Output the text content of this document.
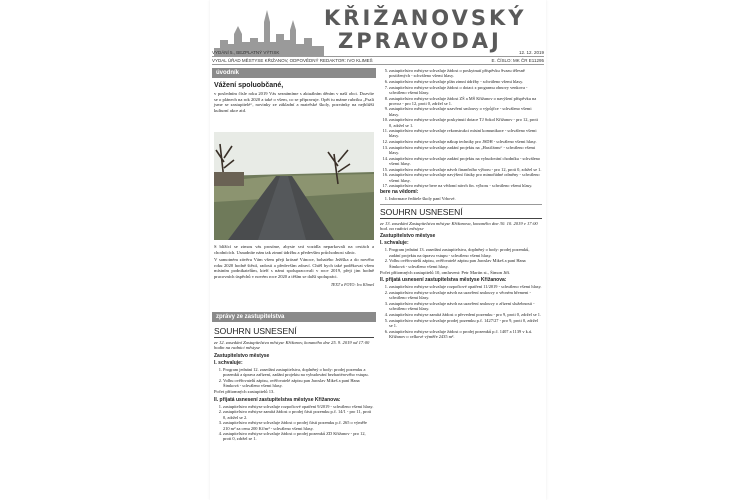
KŘIŽANOVSKÝ
ZPRAVODAJ
VYDÁNÍ 5., BEZPLATNÝ VÝTISK	12. 12. 2019
VYDAL ÚŘAD MĚSTYSE KŘIŽANOV, ODPOVĚDNÝ REDAKTOR: IVO KLIMEŠ	E. ČÍSLO: MK ČR E11295
úvodník
Vážení spoluobčané,
v posledním čísle roku 2019 Vás seznámíme s aktuálním děním v naší obci. Dozvíte se o plánech na rok 2020 a také o všem, co se připravuje. Opět tu máme rubriku „Psali jsme se zastupitelé“, novinky ze základní a mateřské školy, pozvánky na nejbližší kulturní akce atd.
S blížící se zimou vás prosíme, abyste svá vozidla neparkovali na cestách a chodnících. Usnadníte nám tak zimní údržbu a především průchodnost silnic.
V samotném závěru Vám všem přeji krásné Vánoce, bohatého Ježíška a do nového roku 2020 hodně štěstí, radosti a především zdraví. Chtěl bych také poděkovat všem místním podnikatelům, kteří s námi spolupracovali v roce 2019, přeji jim hodně pracovních úspěchů v novém roce 2020 a těším se další spolupráci.
TEXT a FOTO: Ivo Klimeš
zprávy ze zastupitelstva
SOUHRN USNESENÍ
ze 12. zasedání Zastupitelstva městyse Křižanov, konaného dne 25. 9. 2019 od 17:00 hodin na radnici městyse
Zastupitelstvo městyse
I. schvaluje:
1. Program jednání 12. zasedání zastupitelstva, doplněný o body: prodej pozemku a pozemků a úprava zařízení, zadání projektu na vybudování bezbariérového vstupu.
2. Volbu ověřovatelů zápisu, ověřovatelé zápisu pan Jaroslav Mikeš a paní Hana Šimková - schváleno všemi hlasy.
Počet přítomných zastupitelů 13.
II. přijatá usnesení zastupitelstva městyse Křižanova:
1. zastupitelstvo městyse schvaluje rozpočtové opatření 9/2019 - schváleno všemi hlasy.
2. zastupitelstvo městyse zamítá žádost o prodej části pozemku p.č. 14/1 - pro 11, proti 0, zdržel se 2.
3. zastupitelstvo městyse schvaluje žádost o prodej části pozemku p.č. 265 o výměře 210 m² za cenu 200 Kč/m² - schváleno všemi hlasy.
4. zastupitelstvo městyse schvaluje žádost o prodej pozemků ZD Křižanov - pro 12, proti 0, zdržel se 1.
5. zastupitelstvo městyse schvaluje žádost o poskytnutí příspěvku Svazu tělesně postižených - schváleno všemi hlasy.
6. zastupitelstvo městyse schvaluje plán zimní údržby - schváleno všemi hlasy.
7. zastupitelstvo městyse schvaluje žádost o dotaci z programu obnovy venkova - schváleno všemi hlasy.
8. zastupitelstvo městyse schvaluje žádost ZŠ a MŠ Křižanov o navýšení příspěvku na provoz - pro 12, proti 0, zdržel se 1.
9. zastupitelstvo městyse schvaluje uzavření smlouvy o výpůjčce - schváleno všemi hlasy.
10. zastupitelstvo městyse schvaluje poskytnutí dotace TJ Sokol Křižanov - pro 12, proti 0, zdržel se 1.
11. zastupitelstvo městyse schvaluje rekonstrukci místní komunikace - schváleno všemi hlasy.
12. zastupitelstvo městyse schvaluje nákup techniky pro JSDH - schváleno všemi hlasy.
13. zastupitelstvo městyse schvaluje zadání projektu na „Hasičárnu“ - schváleno všemi hlasy.
14. zastupitelstvo městyse schvaluje zadání projektu na vybudování chodníku - schváleno všemi hlasy.
15. zastupitelstvo městyse schvaluje návrh finančního výboru - pro 12, proti 0, zdržel se 1.
16. zastupitelstvo městyse schvaluje navýšení částky pro mimořádné odměny - schváleno všemi hlasy.
17. zastupitelstvo městyse bere na vědomí návrh fin. výboru - schváleno všemi hlasy.
bere na vědomí:
1. Informace ředitele školy paní Vrbové.
SOUHRN USNESENÍ
ze 13. zasedání Zastupitelstva městyse Křižanova, konaného dne 30. 10. 2019 v 17:00 hod. na radnici městyse
Zastupitelstvo městyse
I. schvaluje:
1. Program jednání 13. zasedání zastupitelstva, doplněný o body: prodej pozemků, zadání projektu na úpravu vstupu - schváleno všemi hlasy.
2. Volbu ověřovatelů zápisu, ověřovatelé zápisu pan Jaroslav Mikeš a paní Hana Šimková - schváleno všemi hlasy.
Počet přítomných zastupitelů 10, omluveni: Petr Martin st., Šimon Jiří.
II. přijatá usnesení zastupitelstva městyse Křižanova:
1. zastupitelstvo městyse schvaluje rozpočtové opatření 11/2019 - schváleno všemi hlasy.
2. zastupitelstvo městyse schvaluje návrh na uzavření smlouvy o věcném břemeni - schváleno všemi hlasy.
3. zastupitelstvo městyse schvaluje návrh na uzavření smlouvy o zřízení služebnosti - schváleno všemi hlasy.
4. zastupitelstvo městyse zamítá žádost o převedení pozemku - pro 9, proti 0, zdržel se 1.
5. zastupitelstvo městyse schvaluje prodej pozemku p.č. 1427/27 - pro 9, proti 0, zdržel se 1.
6. zastupitelstvo městyse schvaluje žádost o prodej pozemků p.č. 1407 a 1139 v k.ú. Křižanov o celkové výměře 2435 m².
